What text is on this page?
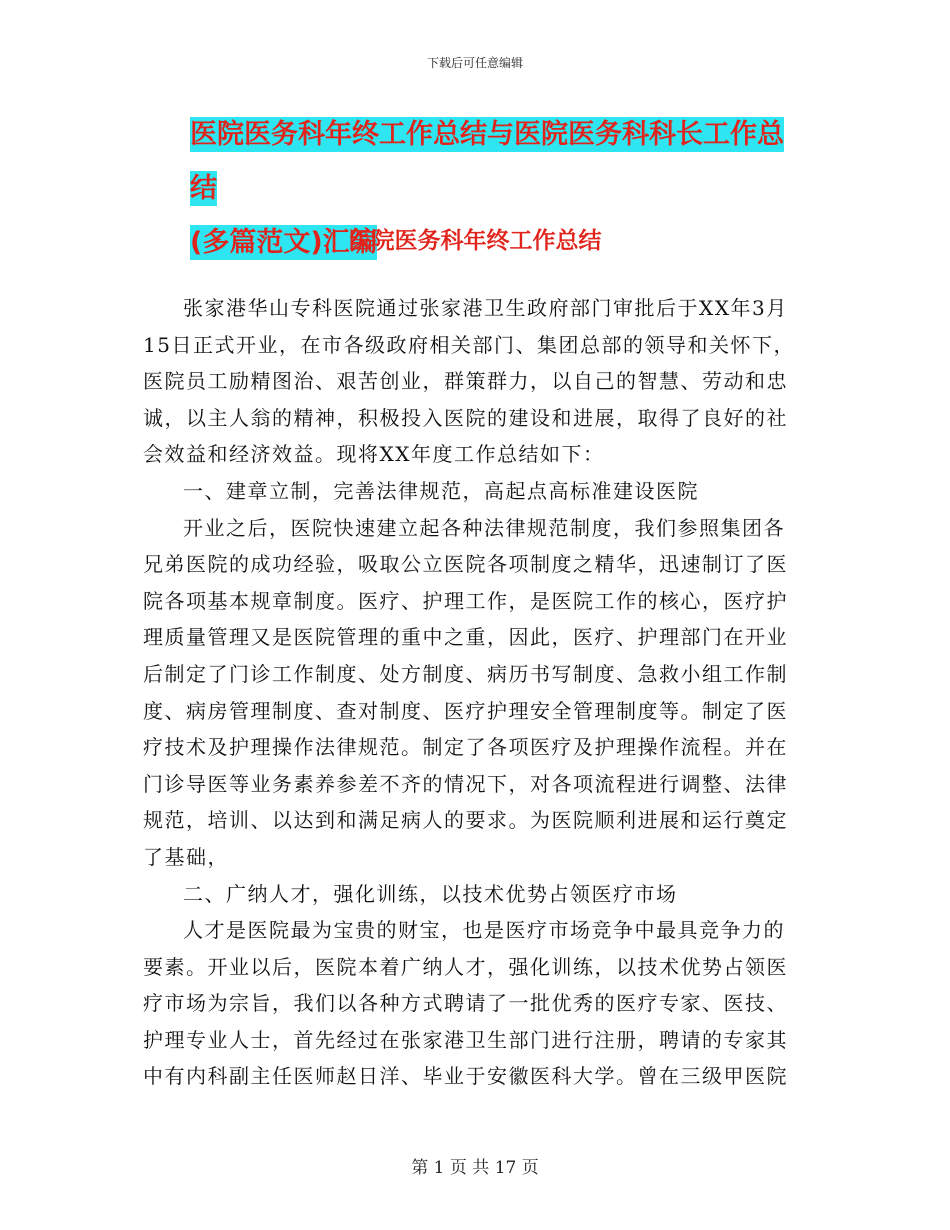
下载后可任意编辑
医院医务科年终工作总结与医院医务科科长工作总结
(多篇范文)汇编
医院医务科年终工作总结

张家港华山专科医院通过张家港卫生政府部门审批后于XX年3月15日正式开业，在市各级政府相关部门、集团总部的领导和关怀下，医院员工励精图治、艰苦创业，群策群力，以自己的智慧、劳动和忠诚，以主人翁的精神，积极投入医院的建设和进展，取得了良好的社会效益和经济效益。现将XX年度工作总结如下：

一、建章立制，完善法律规范，高起点高标准建设医院

开业之后，医院快速建立起各种法律规范制度，我们参照集团各兄弟医院的成功经验，吸取公立医院各项制度之精华，迅速制订了医院各项基本规章制度。医疗、护理工作，是医院工作的核心，医疗护理质量管理又是医院管理的重中之重，因此，医疗、护理部门在开业后制定了门诊工作制度、处方制度、病历书写制度、急救小组工作制度、病房管理制度、查对制度、医疗护理安全管理制度等。制定了医疗技术及护理操作法律规范。制定了各项医疗及护理操作流程。并在门诊导医等业务素养参差不齐的情况下，对各项流程进行调整、法律规范，培训、以达到和满足病人的要求。为医院顺利进展和运行奠定了基础，

二、广纳人才，强化训练，以技术优势占领医疗市场

人才是医院最为宝贵的财宝，也是医疗市场竞争中最具竞争力的要素。开业以后，医院本着广纳人才，强化训练，以技术优势占领医疗市场为宗旨，我们以各种方式聘请了一批优秀的医疗专家、医技、护理专业人士，首先经过在张家港卫生部门进行注册，聘请的专家其中有内科副主任医师赵日洋、毕业于安徽医科大学。曾在三级甲医院

第 1 页 共 17 页
